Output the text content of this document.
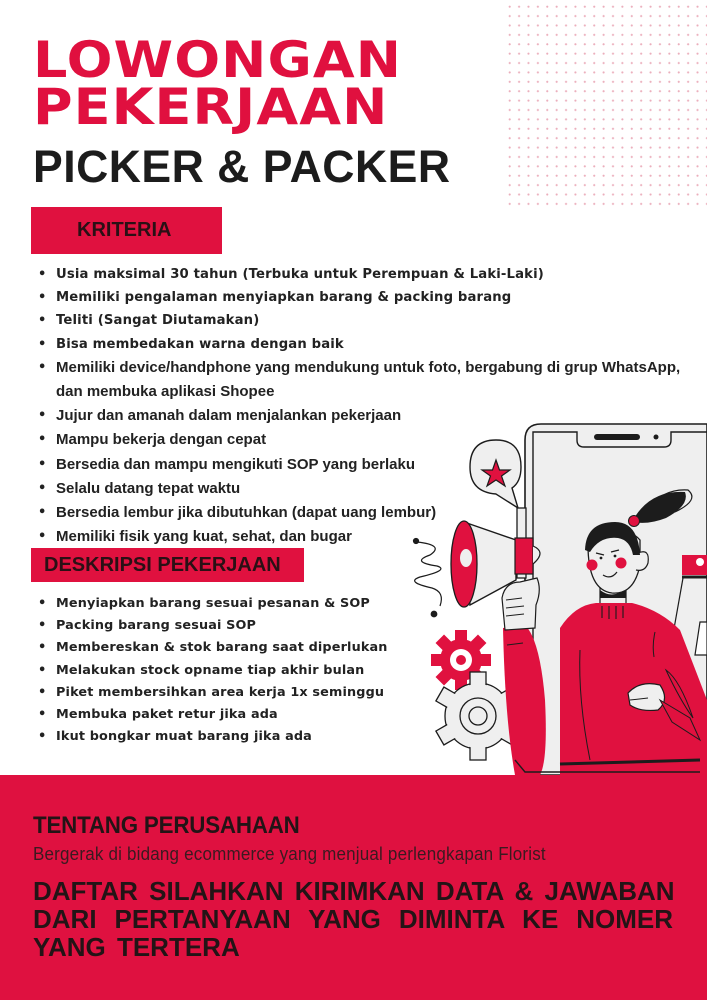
LOWONGAN
PEKERJAAN
PICKER & PACKER
KRITERIA
• Usia maksimal 30 tahun (Terbuka untuk Perempuan & Laki-Laki)
• Memiliki pengalaman menyiapkan barang & packing barang
• Teliti (Sangat Diutamakan)
• Bisa membedakan warna dengan baik
• Memiliki device/handphone yang mendukung untuk foto, bergabung di grup WhatsApp,
dan membuka aplikasi Shopee
• Jujur dan amanah dalam menjalankan pekerjaan
• Mampu bekerja dengan cepat
• Bersedia dan mampu mengikuti SOP yang berlaku
• Selalu datang tepat waktu
• Bersedia lembur jika dibutuhkan (dapat uang lembur)
• Memiliki fisik yang kuat, sehat, dan bugar
DESKRIPSI PEKERJAAN
• Menyiapkan barang sesuai pesanan & SOP
• Packing barang sesuai SOP
• Membereskan & stok barang saat diperlukan
• Melakukan stock opname tiap akhir bulan
• Piket membersihkan area kerja 1x seminggu
• Membuka paket retur jika ada
• Ikut bongkar muat barang jika ada
TENTANG PERUSAHAAN
Bergerak di bidang ecommerce yang menjual perlengkapan Florist
DAFTAR SILAHKAN KIRIMKAN DATA & JAWABAN
DARI PERTANYAAN YANG DIMINTA KE NOMER
YANG TERTERA
